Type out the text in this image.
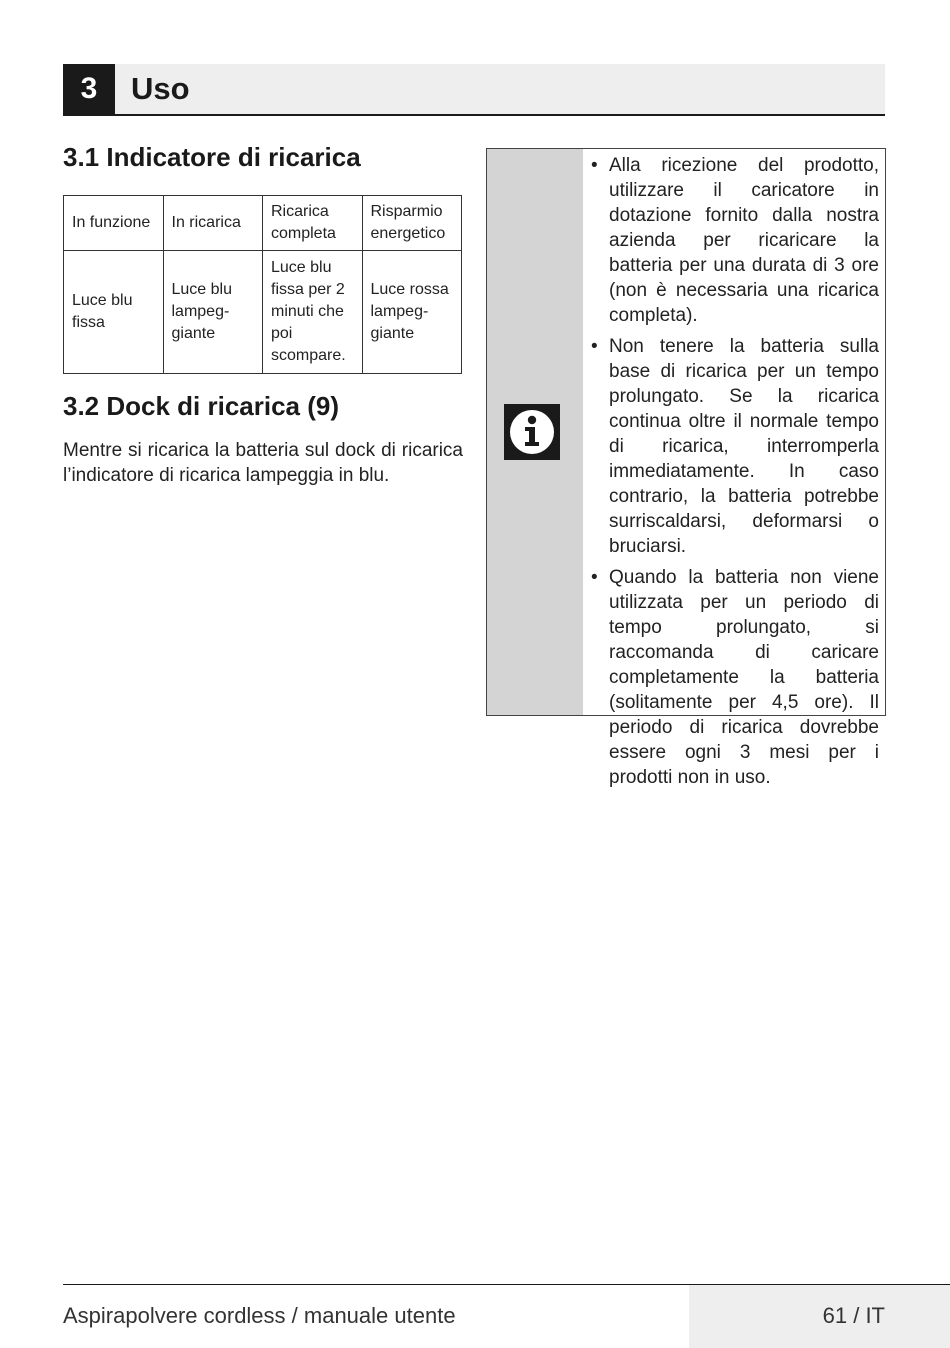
3	Uso
3.1 Indicatore di ricarica
In funzione	In ricarica	Ricarica completa	Risparmio energetico
Luce blu fissa	Luce blu lampeg-giante	Luce blu fissa per 2 minuti che poi scompare.	Luce rossa lampeg-giante
3.2 Dock di ricarica (9)
Mentre si ricarica la batteria sul dock di ricarica l’indicatore di ricarica lampeggia in blu.
• Alla ricezione del prodotto, utilizzare il caricatore in dotazione fornito dalla nostra azienda per ricaricare la batteria per una durata di 3 ore (non è necessaria una ricarica completa).
• Non tenere la batteria sulla base di ricarica per un tempo prolungato. Se la ricarica continua oltre il normale tempo di ricarica, interromperla immediatamente. In caso contrario, la batteria potrebbe surriscaldarsi, deformarsi o bruciarsi.
• Quando la batteria non viene utilizzata per un periodo di tempo prolungato, si raccomanda di caricare completamente la batteria (solitamente per 4,5 ore). Il periodo di ricarica dovrebbe essere ogni 3 mesi per i prodotti non in uso.
Aspirapolvere cordless / manuale utente	61 / IT
